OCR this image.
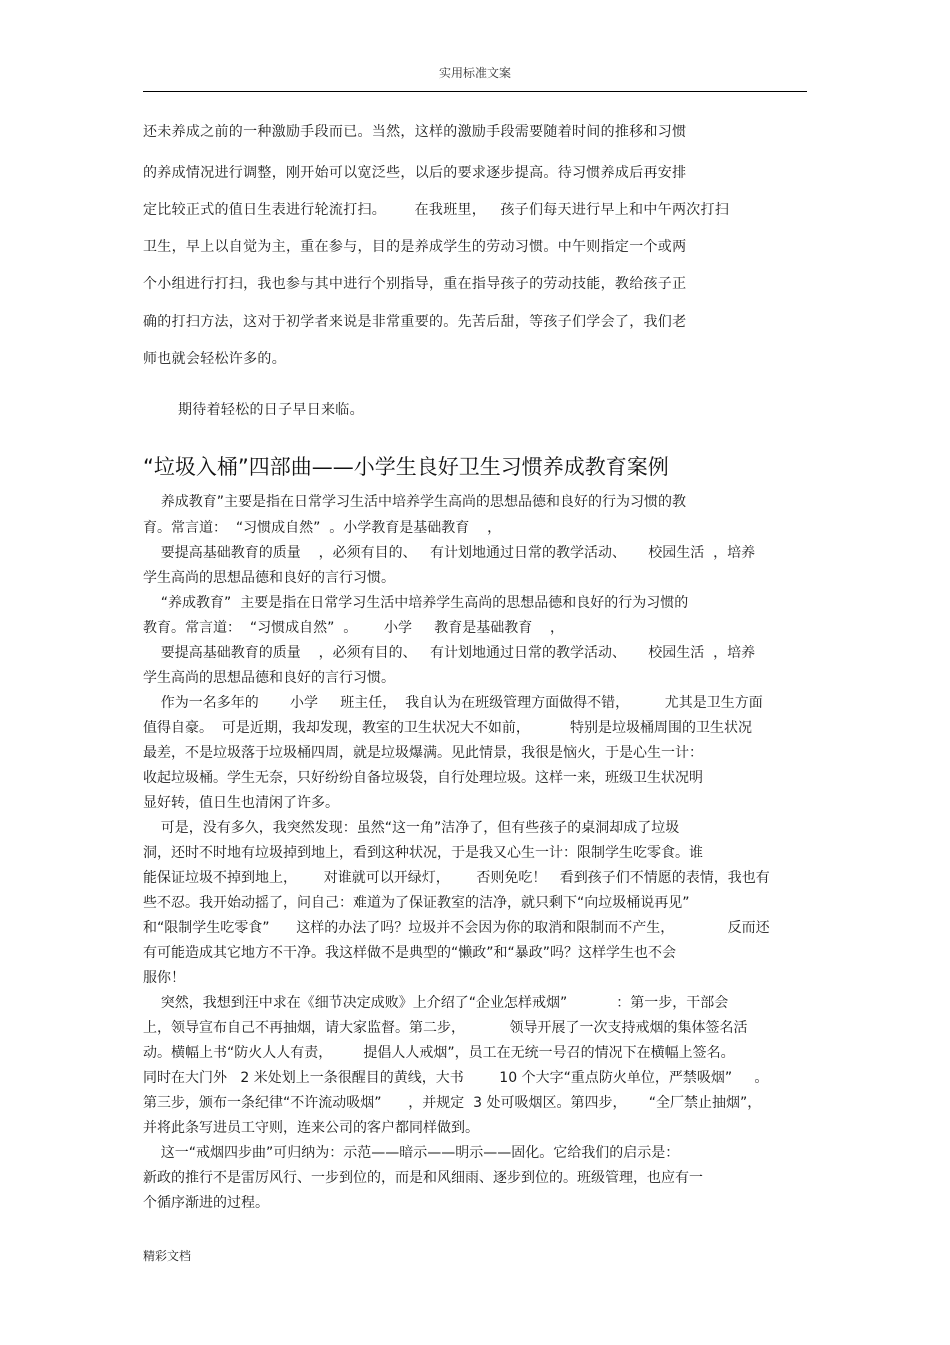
实用标准文案
还未养成之前的一种激励手段而已。当然，这样的激励手段需要随着时间的推移和习惯
的养成情况进行调整，刚开始可以宽泛些，以后的要求逐步提高。待习惯养成后再安排
定比较正式的值日生表进行轮流打扫。      在我班里，   孩子们每天进行早上和中午两次打扫
卫生，早上以自觉为主，重在参与，目的是养成学生的劳动习惯。中午则指定一个或两
个小组进行打扫，我也参与其中进行个别指导，重在指导孩子的劳动技能，教给孩子正
确的打扫方法，这对于初学者来说是非常重要的。先苦后甜，等孩子们学会了，我们老
师也就会轻松许多的。
期待着轻松的日子早日来临。
“垃圾入桶”四部曲——小学生良好卫生习惯养成教育案例
养成教育”主要是指在日常学习生活中培养学生高尚的思想品德和良好的行为习惯的教
育。常言道：  “习惯成自然”  。小学教育是基础教育    ，
要提高基础教育的质量    ，必须有目的、   有计划地通过日常的教学活动、     校园生活  ，培养
学生高尚的思想品德和良好的言行习惯。
“养成教育”  主要是指在日常学习生活中培养学生高尚的思想品德和良好的行为习惯的
教育。常言道：  “习惯成自然”  。      小学     教育是基础教育    ，
要提高基础教育的质量    ，必须有目的、   有计划地通过日常的教学活动、     校园生活  ，培养
学生高尚的思想品德和良好的言行习惯。
作为一名多年的       小学     班主任，  我自认为在班级管理方面做得不错，        尤其是卫生方面
值得自豪。  可是近期，我却发现，教室的卫生状况大不如前，         特别是垃圾桶周围的卫生状况
最差，不是垃圾落于垃圾桶四周，就是垃圾爆满。见此情景，我很是恼火，于是心生一计：
收起垃圾桶。学生无奈，只好纷纷自备垃圾袋，自行处理垃圾。这样一来，班级卫生状况明
显好转，值日生也清闲了许多。
可是，没有多久，我突然发现：虽然“这一角”洁净了，但有些孩子的桌洞却成了垃圾
洞，还时不时地有垃圾掉到地上，看到这种状况，于是我又心生一计：限制学生吃零食。谁
能保证垃圾不掉到地上，      对谁就可以开绿灯，      否则免吃！   看到孩子们不情愿的表情，我也有
些不忍。我开始动摇了，问自己：难道为了保证教室的洁净，就只剩下“向垃圾桶说再见”
和“限制学生吃零食”      这样的办法了吗？垃圾并不会因为你的取消和限制而不产生，            反而还
有可能造成其它地方不干净。我这样做不是典型的“懒政”和“暴政”吗？这样学生也不会
服你！
突然，我想到汪中求在《细节决定成败》上介绍了“企业怎样戒烟”           ：第一步，干部会
上，领导宣布自己不再抽烟，请大家监督。第二步，          领导开展了一次支持戒烟的集体签名活
动。横幅上书“防火人人有责，       提倡人人戒烟”，员工在无统一号召的情况下在横幅上签名。
同时在大门外   2 米处划上一条很醒目的黄线，大书        10 个大字“重点防火单位，严禁吸烟”     。
第三步，颁布一条纪律“不许流动吸烟”      ，并规定  3 处可吸烟区。第四步，     “全厂禁止抽烟”，
并将此条写进员工守则，连来公司的客户都同样做到。
这一“戒烟四步曲”可归纳为：示范——暗示——明示——固化。它给我们的启示是：
新政的推行不是雷厉风行、一步到位的，而是和风细雨、逐步到位的。班级管理，也应有一
个循序渐进的过程。
精彩文档
